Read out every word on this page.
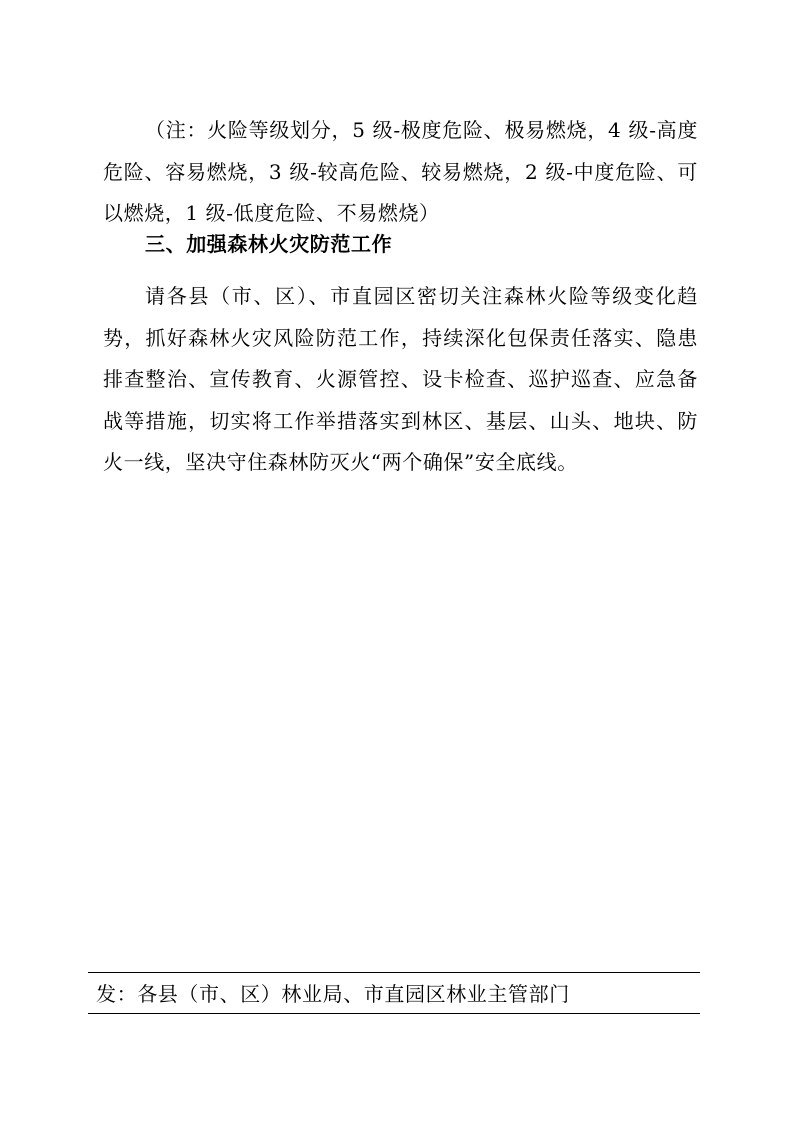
（注：火险等级划分，5 级-极度危险、极易燃烧，4 级-高度危险、容易燃烧，3 级-较高危险、较易燃烧，2 级-中度危险、可以燃烧，1 级-低度危险、不易燃烧）

三、加强森林火灾防范工作

请各县（市、区）、市直园区密切关注森林火险等级变化趋势，抓好森林火灾风险防范工作，持续深化包保责任落实、隐患排查整治、宣传教育、火源管控、设卡检查、巡护巡查、应急备战等措施，切实将工作举措落实到林区、基层、山头、地块、防火一线，坚决守住森林防灭火“两个确保”安全底线。

发：各县（市、区）林业局、市直园区林业主管部门
